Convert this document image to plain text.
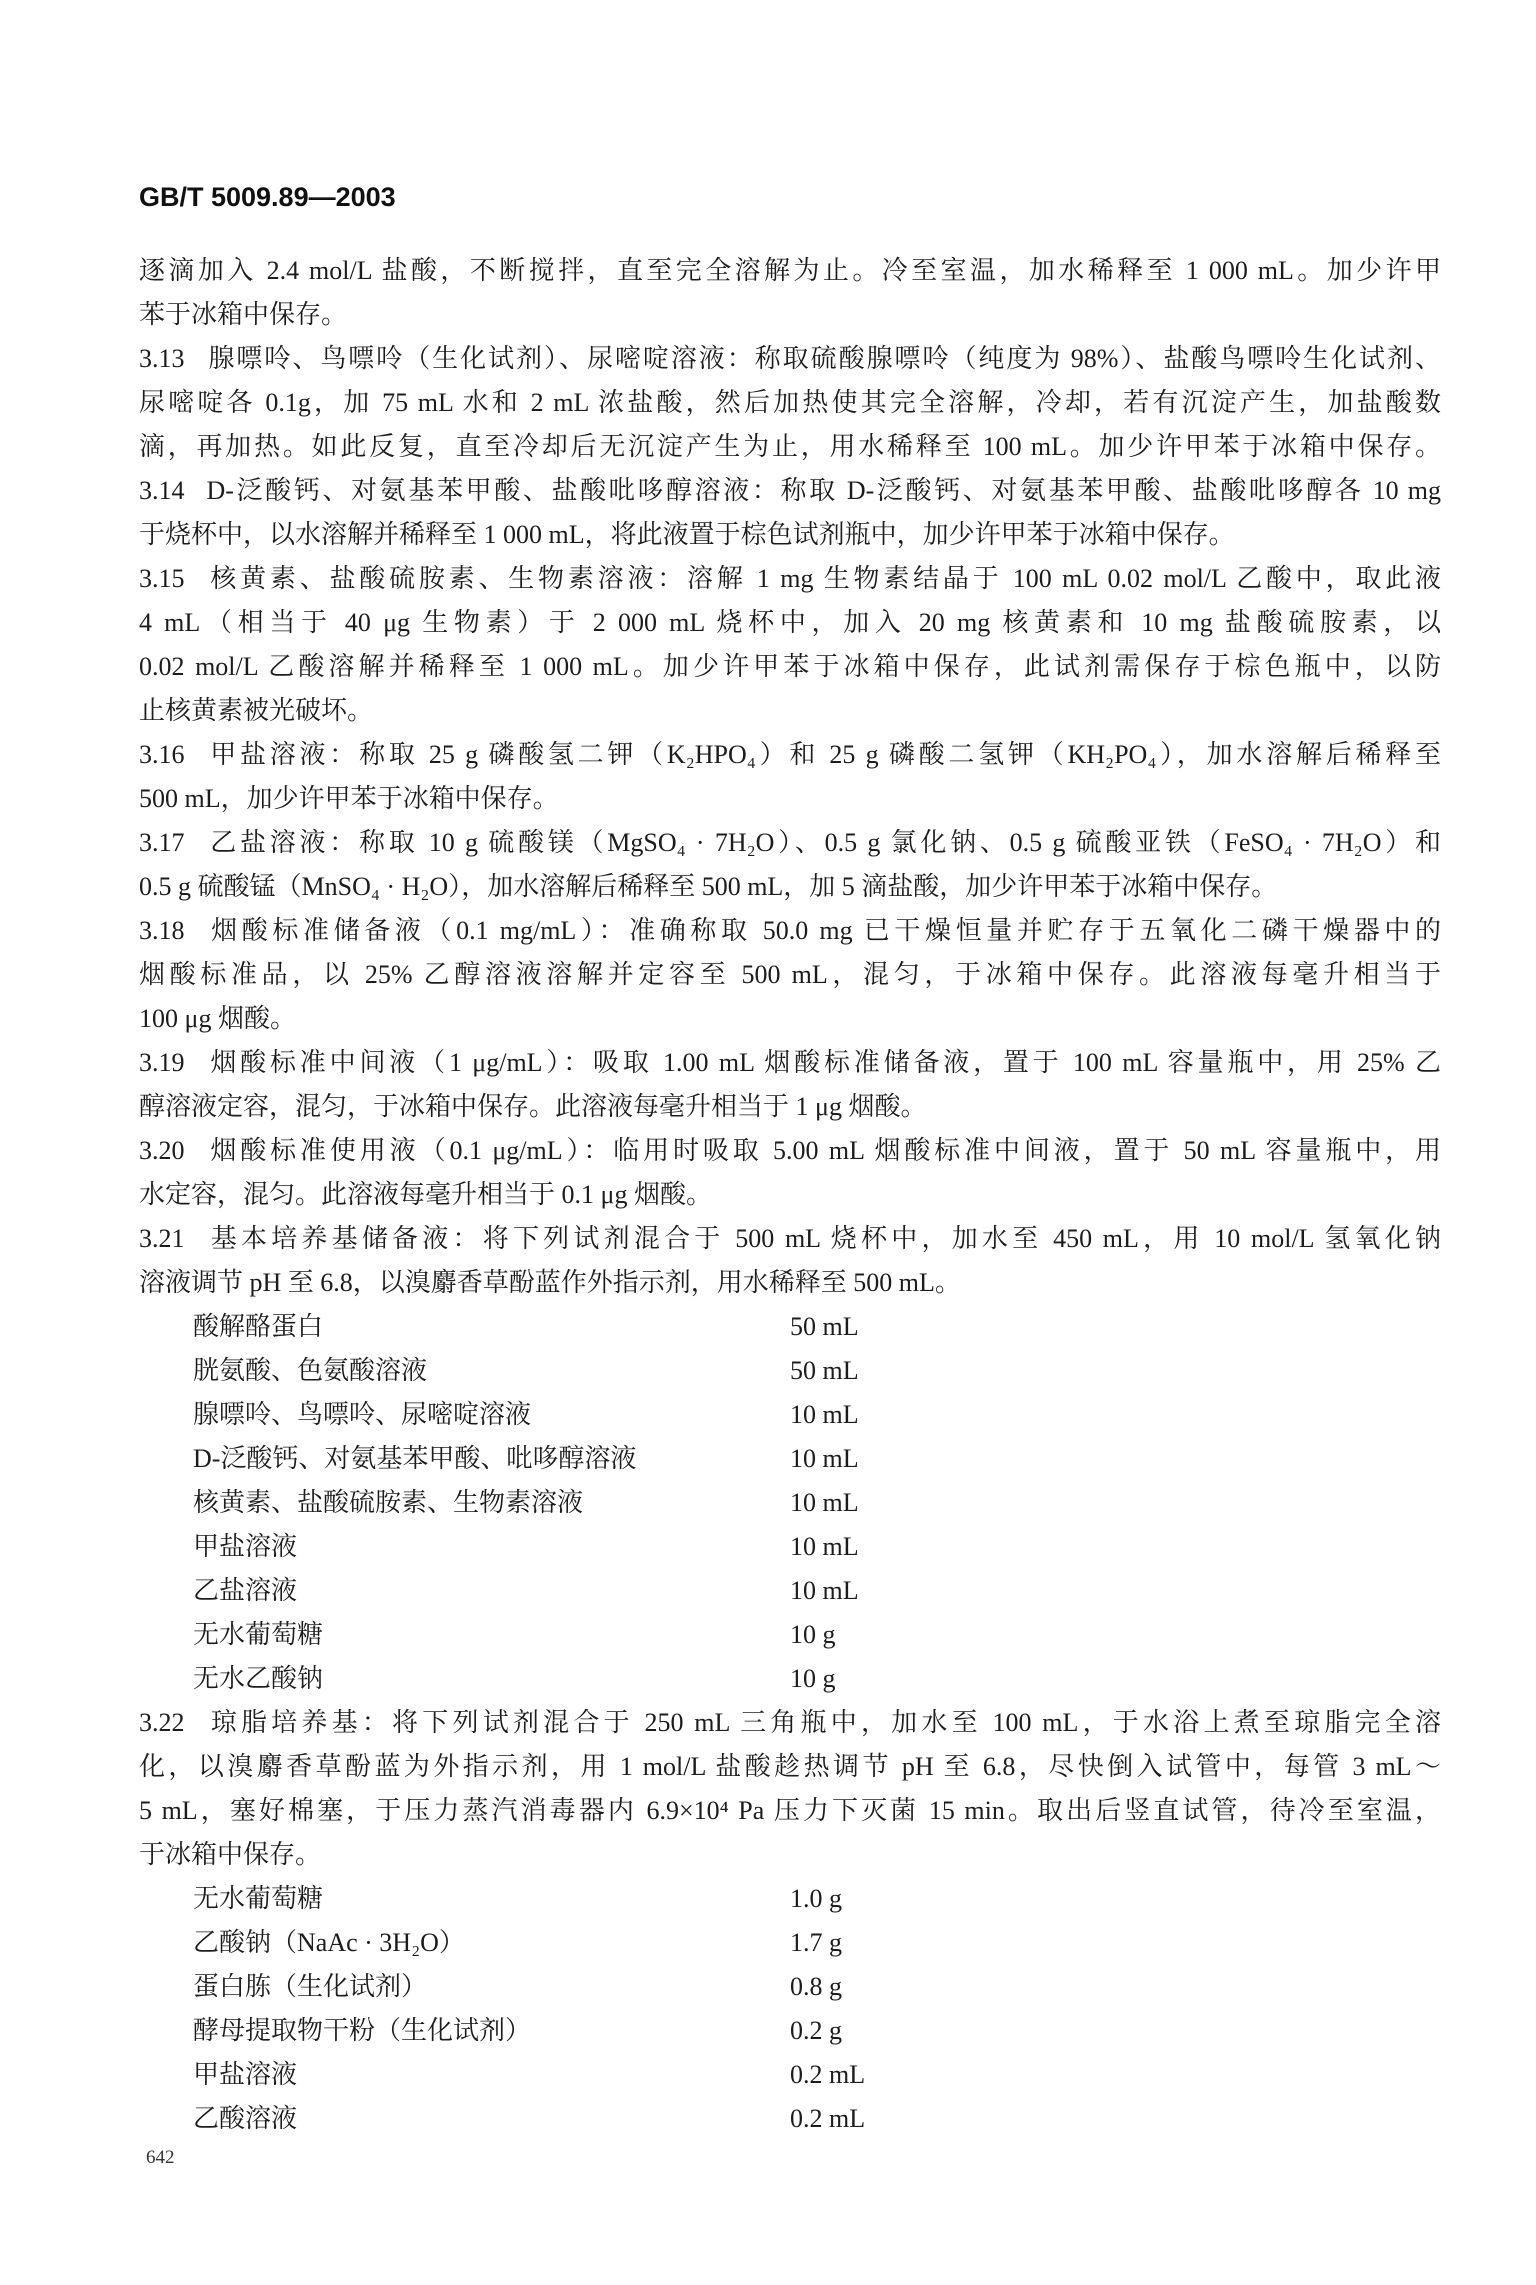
GB/T 5009.89—2003
逐滴加入 2.4 mol/L 盐酸，不断搅拌，直至完全溶解为止。冷至室温，加水稀释至 1 000 mL。加少许甲
苯于冰箱中保存。
3.13 腺嘌呤、鸟嘌呤（生化试剂）、尿嘧啶溶液：称取硫酸腺嘌呤（纯度为 98%）、盐酸鸟嘌呤生化试剂、
尿嘧啶各 0.1g，加 75 mL 水和 2 mL 浓盐酸，然后加热使其完全溶解，冷却，若有沉淀产生，加盐酸数
滴，再加热。如此反复，直至冷却后无沉淀产生为止，用水稀释至 100 mL。加少许甲苯于冰箱中保存。
3.14 D-泛酸钙、对氨基苯甲酸、盐酸吡哆醇溶液：称取 D-泛酸钙、对氨基苯甲酸、盐酸吡哆醇各 10 mg
于烧杯中，以水溶解并稀释至 1 000 mL，将此液置于棕色试剂瓶中，加少许甲苯于冰箱中保存。
3.15 核黄素、盐酸硫胺素、生物素溶液：溶解 1 mg 生物素结晶于 100 mL 0.02 mol/L 乙酸中，取此液
4 mL（相当于 40 μg 生物素）于 2 000 mL 烧杯中，加入 20 mg 核黄素和 10 mg 盐酸硫胺素，以
0.02 mol/L 乙酸溶解并稀释至 1 000 mL。加少许甲苯于冰箱中保存，此试剂需保存于棕色瓶中，以防
止核黄素被光破坏。
3.16 甲盐溶液：称取 25 g 磷酸氢二钾（K₂HPO₄）和 25 g 磷酸二氢钾（KH₂PO₄），加水溶解后稀释至
500 mL，加少许甲苯于冰箱中保存。
3.17 乙盐溶液：称取 10 g 硫酸镁（MgSO₄ · 7H₂O）、0.5 g 氯化钠、0.5 g 硫酸亚铁（FeSO₄ · 7H₂O）和
0.5 g 硫酸锰（MnSO₄ · H₂O），加水溶解后稀释至 500 mL，加 5 滴盐酸，加少许甲苯于冰箱中保存。
3.18 烟酸标准储备液（0.1 mg/mL）：准确称取 50.0 mg 已干燥恒量并贮存于五氧化二磷干燥器中的
烟酸标准品，以 25% 乙醇溶液溶解并定容至 500 mL，混匀，于冰箱中保存。此溶液每毫升相当于
100 μg 烟酸。
3.19 烟酸标准中间液（1 μg/mL）：吸取 1.00 mL 烟酸标准储备液，置于 100 mL 容量瓶中，用 25% 乙
醇溶液定容，混匀，于冰箱中保存。此溶液每毫升相当于 1 μg 烟酸。
3.20 烟酸标准使用液（0.1 μg/mL）：临用时吸取 5.00 mL 烟酸标准中间液，置于 50 mL 容量瓶中，用
水定容，混匀。此溶液每毫升相当于 0.1 μg 烟酸。
3.21 基本培养基储备液：将下列试剂混合于 500 mL 烧杯中，加水至 450 mL，用 10 mol/L 氢氧化钠
溶液调节 pH 至 6.8，以溴麝香草酚蓝作外指示剂，用水稀释至 500 mL。
酸解酪蛋白	50 mL
胱氨酸、色氨酸溶液	50 mL
腺嘌呤、鸟嘌呤、尿嘧啶溶液	10 mL
D-泛酸钙、对氨基苯甲酸、吡哆醇溶液	10 mL
核黄素、盐酸硫胺素、生物素溶液	10 mL
甲盐溶液	10 mL
乙盐溶液	10 mL
无水葡萄糖	10 g
无水乙酸钠	10 g
3.22 琼脂培养基：将下列试剂混合于 250 mL 三角瓶中，加水至 100 mL，于水浴上煮至琼脂完全溶
化，以溴麝香草酚蓝为外指示剂，用 1 mol/L 盐酸趁热调节 pH 至 6.8，尽快倒入试管中，每管 3 mL～
5 mL，塞好棉塞，于压力蒸汽消毒器内 6.9×10⁴ Pa 压力下灭菌 15 min。取出后竖直试管，待冷至室温，
于冰箱中保存。
无水葡萄糖	1.0 g
乙酸钠（NaAc · 3H₂O）	1.7 g
蛋白胨（生化试剂）	0.8 g
酵母提取物干粉（生化试剂）	0.2 g
甲盐溶液	0.2 mL
乙酸溶液	0.2 mL
642
